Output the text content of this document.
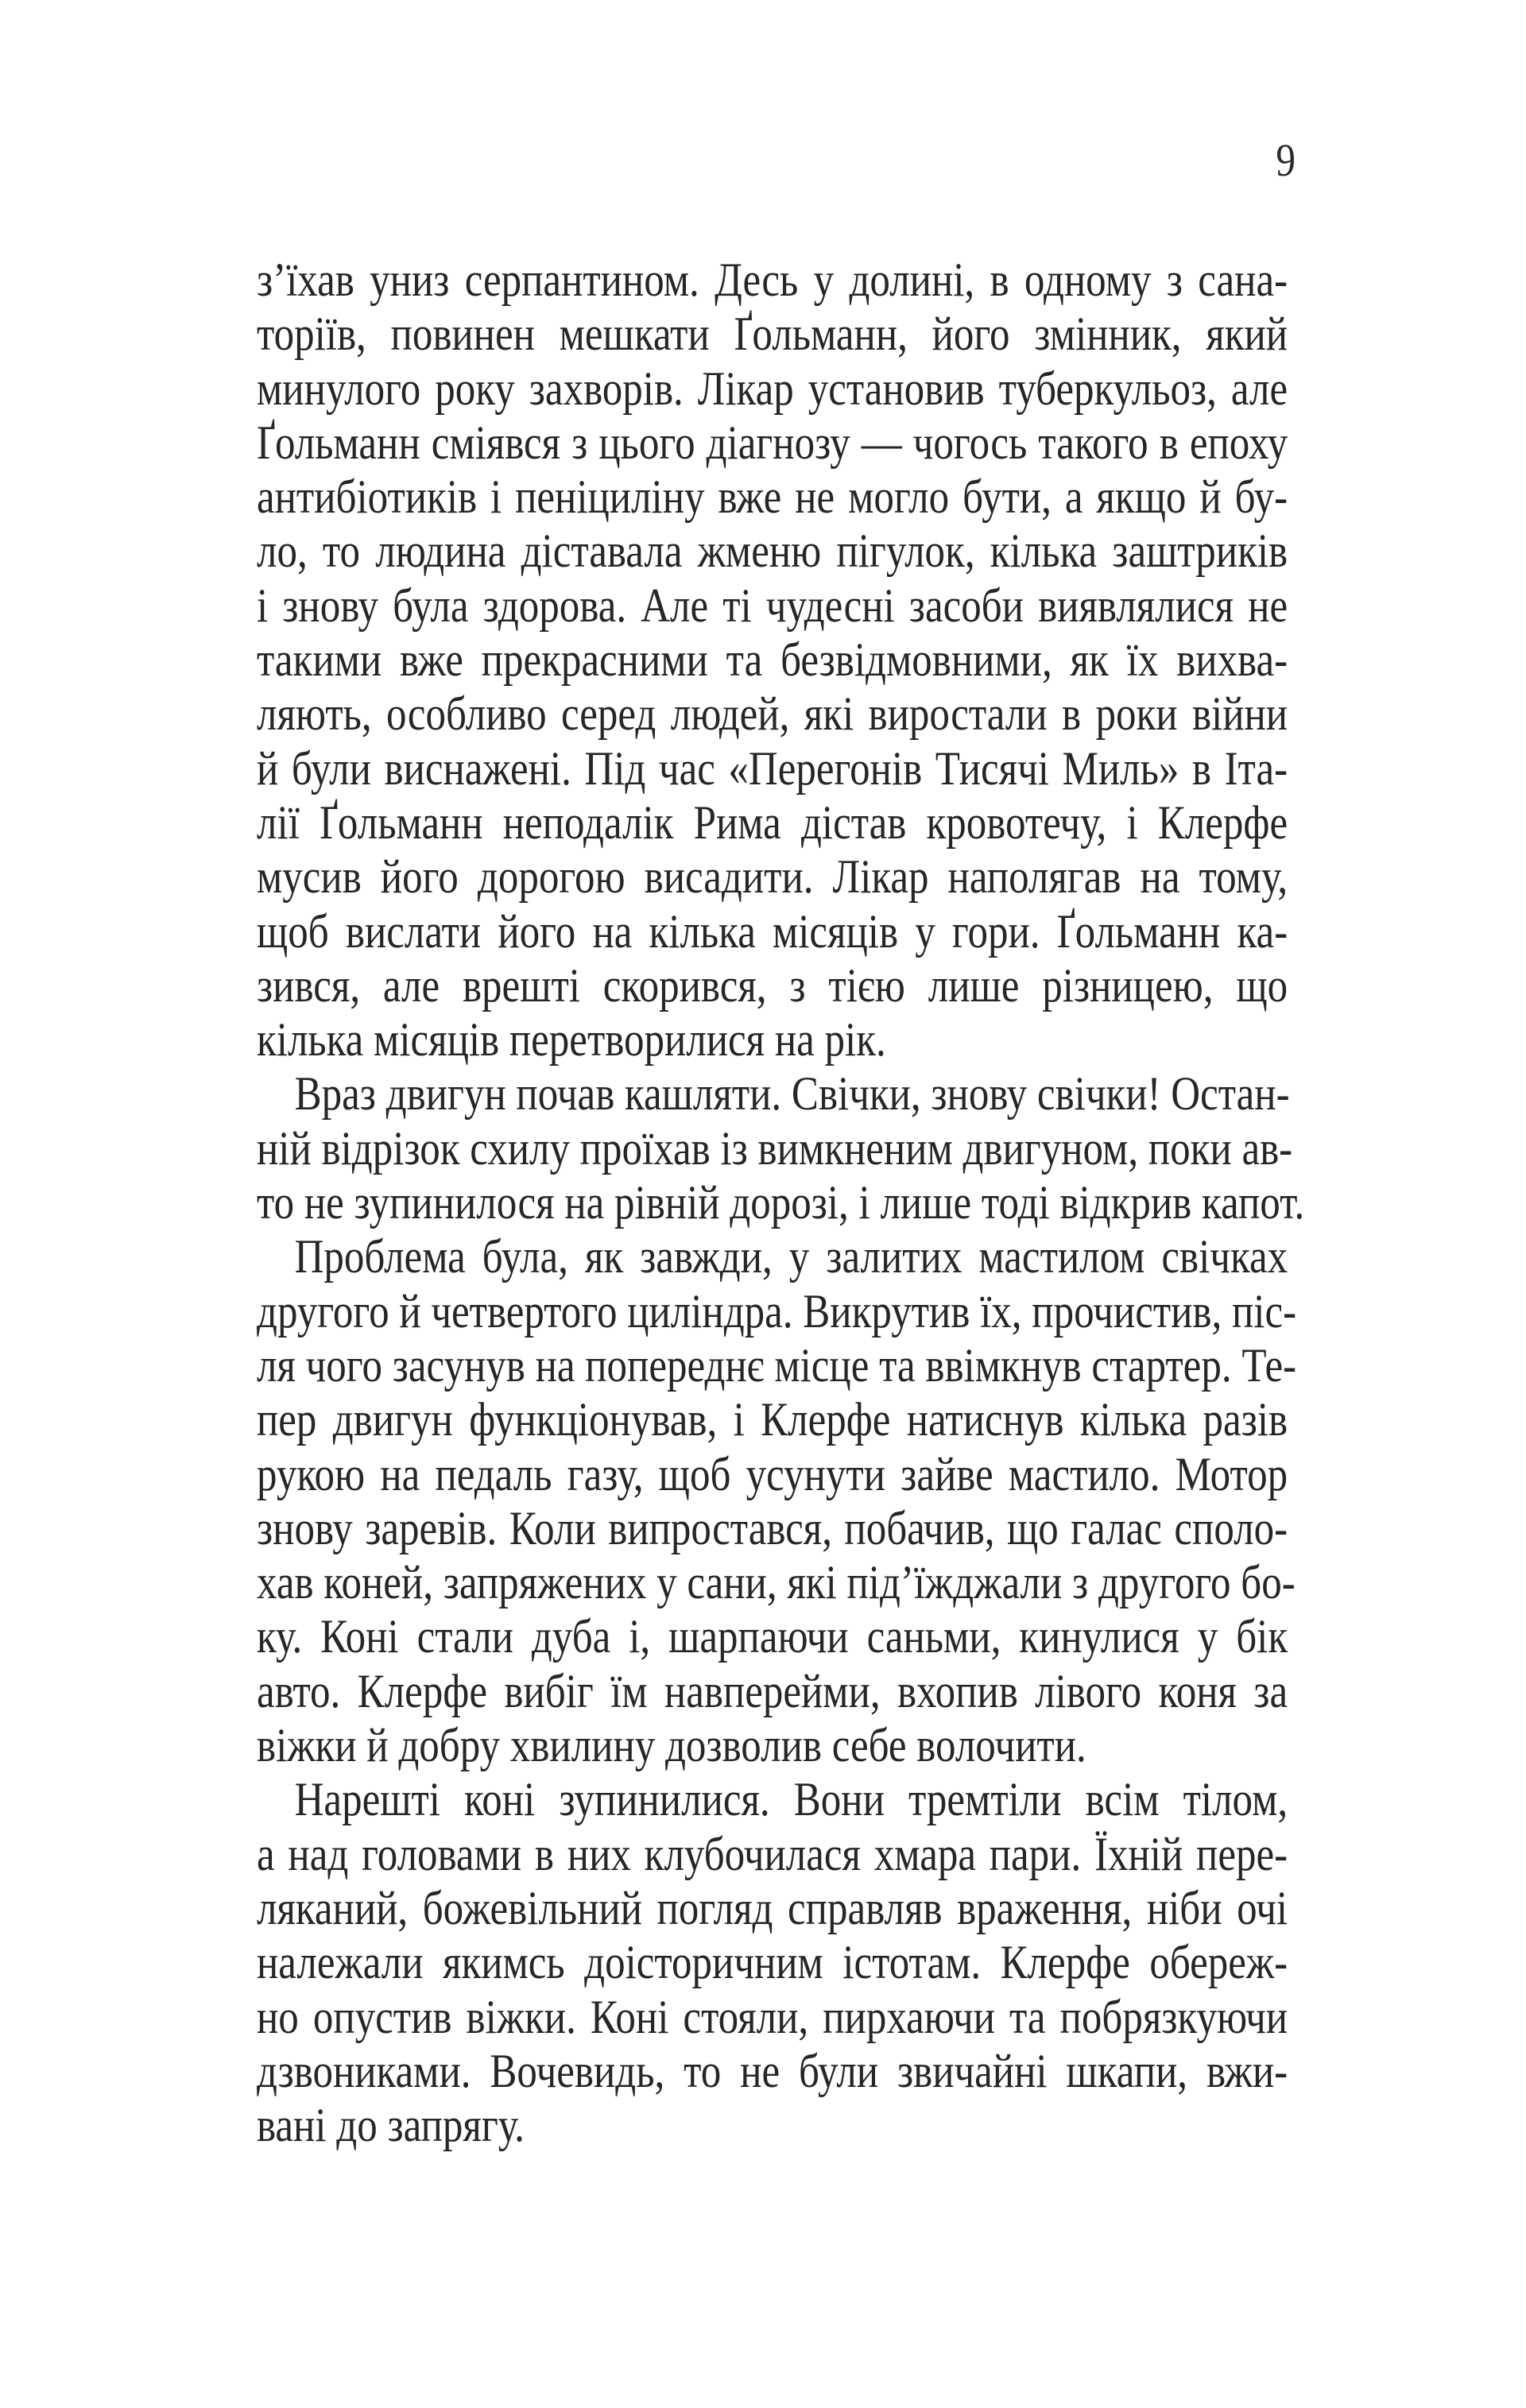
9
з’їхав униз серпантином. Десь у долині, в одному з сана-
торіїв, повинен мешкати Ґольманн, його змінник, який
минулого року захворів. Лікар установив туберкульоз, але
Ґольманн сміявся з цього діагнозу — чогось такого в епоху
антибіотиків і пеніциліну вже не могло бути, а якщо й бу-
ло, то людина діставала жменю пігулок, кілька заштриків
і знову була здорова. Але ті чудесні засоби виявлялися не
такими вже прекрасними та безвідмовними, як їх вихва-
ляють, особливо серед людей, які виростали в роки війни
й були виснажені. Під час «Перегонів Тисячі Миль» в Іта-
лії Ґольманн неподалік Рима дістав кровотечу, і Клерфе
мусив його дорогою висадити. Лікар наполягав на тому,
щоб вислати його на кілька місяців у гори. Ґольманн ка-
зився, але врешті скорився, з тією лише різницею, що
кілька місяців перетворилися на рік.
Враз двигун почав кашляти. Свічки, знову свічки! Остан-
ній відрізок схилу проїхав із вимкненим двигуном, поки ав-
то не зупинилося на рівній дорозі, і лише тоді відкрив капот.
Проблема була, як завжди, у залитих мастилом свічках
другого й четвертого циліндра. Викрутив їх, прочистив, піс-
ля чого засунув на попереднє місце та ввімкнув стартер. Те-
пер двигун функціонував, і Клерфе натиснув кілька разів
рукою на педаль газу, щоб усунути зайве мастило. Мотор
знову заревів. Коли випростався, побачив, що галас сполο-
хав коней, запряжених у сани, які під’їжджали з другого бо-
ку. Коні стали дуба і, шарпаючи саньми, кинулися у бік
авто. Клерфе вибіг їм навперейми, вхопив лівого коня за
віжки й добру хвилину дозволив себе волочити.
Нарешті коні зупинилися. Вони тремтіли всім тілом,
а над головами в них клубочилася хмара пари. Їхній пере-
ляканий, божевільний погляд справляв враження, ніби очі
належали якимсь доісторичним істотам. Клерфе обереж-
но опустив віжки. Коні стояли, пирхаючи та побрязкуючи
дзвониками. Вочевидь, то не були звичайні шкапи, вжи-
вані до запрягу.
